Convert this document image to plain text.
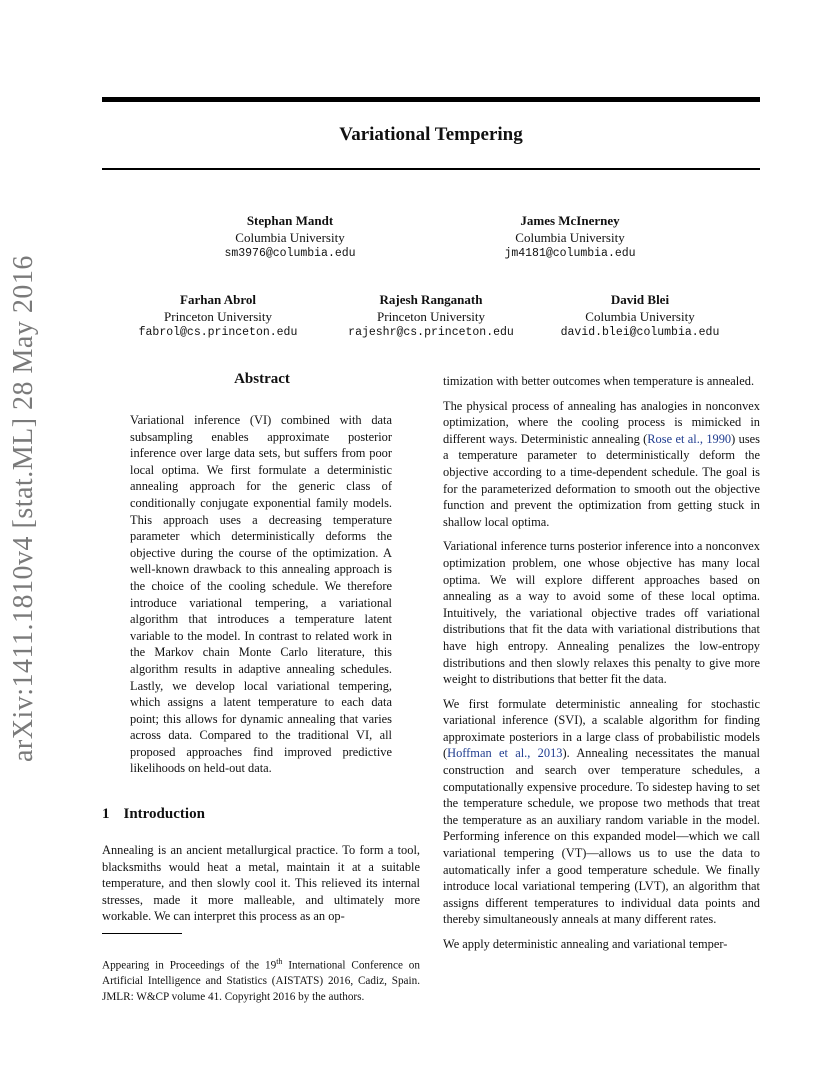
Variational Tempering
arXiv:1411.1810v4 [stat.ML] 28 May 2016
Stephan Mandt
Columbia University
sm3976@columbia.edu
James McInerney
Columbia University
jm4181@columbia.edu
Farhan Abrol
Princeton University
fabrol@cs.princeton.edu
Rajesh Ranganath
Princeton University
rajeshr@cs.princeton.edu
David Blei
Columbia University
david.blei@columbia.edu
Abstract

Variational inference (VI) combined with data subsampling enables approximate posterior inference over large data sets, but suffers from poor local optima. We first formulate a deterministic annealing approach for the generic class of conditionally conjugate exponential family models. This approach uses a decreasing temperature parameter which deterministically deforms the objective during the course of the optimization. A well-known drawback to this annealing approach is the choice of the cooling schedule. We therefore introduce variational tempering, a variational algorithm that introduces a temperature latent variable to the model. In contrast to related work in the Markov chain Monte Carlo literature, this algorithm results in adaptive annealing schedules. Lastly, we develop local variational tempering, which assigns a latent temperature to each data point; this allows for dynamic annealing that varies across data. Compared to the traditional VI, all proposed approaches find improved predictive likelihoods on held-out data.

1 Introduction

Annealing is an ancient metallurgical practice. To form a tool, blacksmiths would heat a metal, maintain it at a suitable temperature, and then slowly cool it. This relieved its internal stresses, made it more malleable, and ultimately more workable. We can interpret this process as an op-

Appearing in Proceedings of the 19th International Conference on Artificial Intelligence and Statistics (AISTATS) 2016, Cadiz, Spain. JMLR: W&CP volume 41. Copyright 2016 by the authors.

timization with better outcomes when temperature is annealed.

The physical process of annealing has analogies in nonconvex optimization, where the cooling process is mimicked in different ways. Deterministic annealing (Rose et al., 1990) uses a temperature parameter to deterministically deform the objective according to a time-dependent schedule. The goal is for the parameterized deformation to smooth out the objective function and prevent the optimization from getting stuck in shallow local optima.

Variational inference turns posterior inference into a nonconvex optimization problem, one whose objective has many local optima. We will explore different approaches based on annealing as a way to avoid some of these local optima. Intuitively, the variational objective trades off variational distributions that fit the data with variational distributions that have high entropy. Annealing penalizes the low-entropy distributions and then slowly relaxes this penalty to give more weight to distributions that better fit the data.

We first formulate deterministic annealing for stochastic variational inference (SVI), a scalable algorithm for finding approximate posteriors in a large class of probabilistic models (Hoffman et al., 2013). Annealing necessitates the manual construction and search over temperature schedules, a computationally expensive procedure. To sidestep having to set the temperature schedule, we propose two methods that treat the temperature as an auxiliary random variable in the model. Performing inference on this expanded model—which we call variational tempering (VT)—allows us to use the data to automatically infer a good temperature schedule. We finally introduce local variational tempering (LVT), an algorithm that assigns different temperatures to individual data points and thereby simultaneously anneals at many different rates.

We apply deterministic annealing and variational temper-
